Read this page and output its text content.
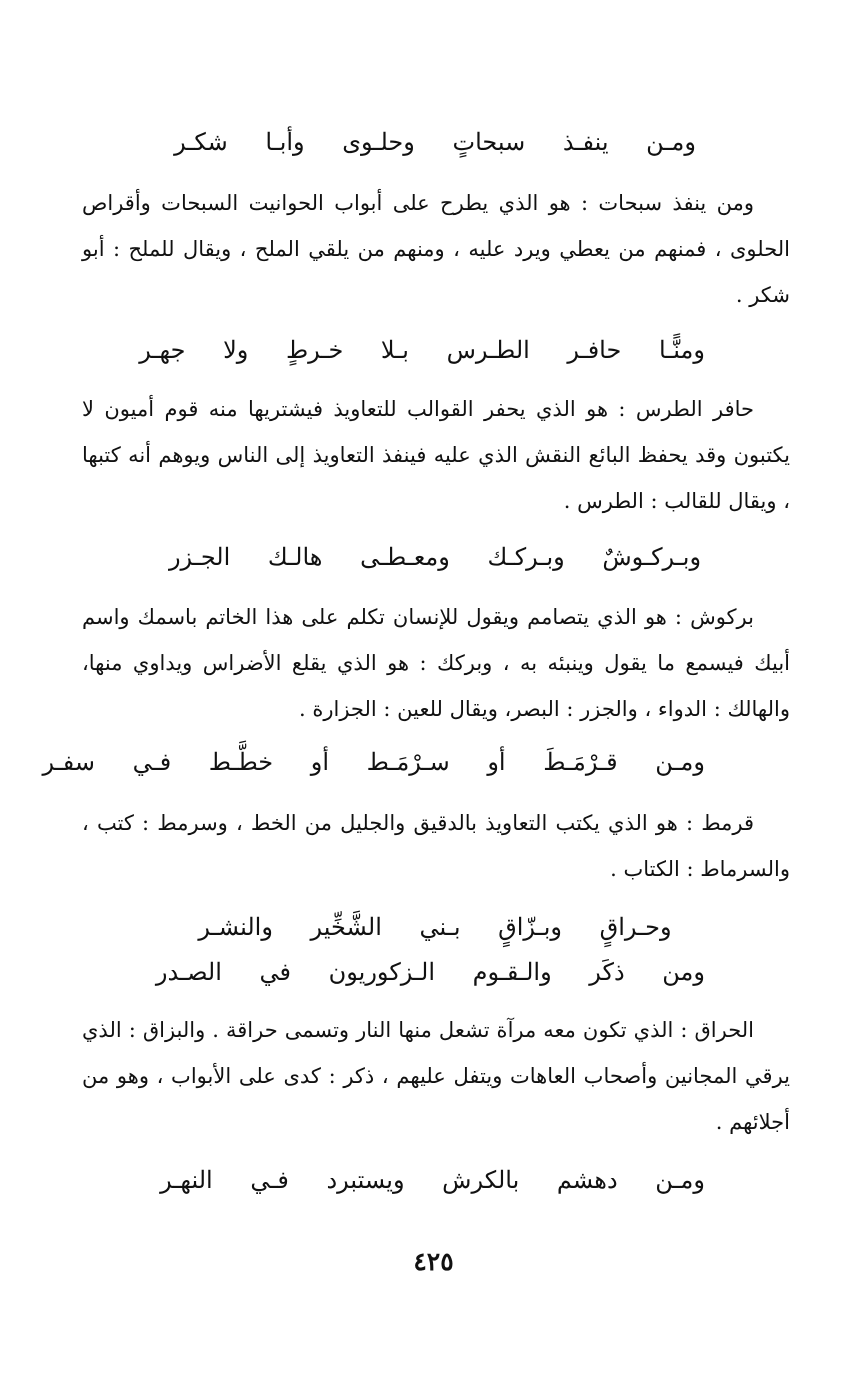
ومـن ينفـذ سبحاتٍ وحلـوى وأبـا شكـر

ومن ينفذ سبحات : هو الذي يطرح على أبواب الحوانيت السبحات وأقراص الحلوى ، فمنهم من يعطي ويرد عليه ، ومنهم من يلقي الملح ، ويقال للملح : أبو شكر .

ومنًّـا حافـر الطـرس بـلا خـرطٍ ولا جهـر

حافر الطرس : هو الذي يحفر القوالب للتعاويذ فيشتريها منه قوم أميون لا يكتبون وقد يحفظ البائع النقش الذي عليه فينفذ التعاويذ إلى الناس ويوهم أنه كتبها ، ويقال للقالب : الطرس .

وبـركـوشٌ وبـركـك ومعـطـى هالـك الجـزر

بركوش : هو الذي يتصامم ويقول للإنسان تكلم على هذا الخاتم باسمك واسم أبيك فيسمع ما يقول وينبئه به ، وبركك : هو الذي يقلع الأضراس ويداوي منها، والهالك : الدواء ، والجزر : البصر، ويقال للعين : الجزارة .

ومـن قـرْمَـطَ أو سـرْمَـط أو خطَّـط فـي سفـر

قرمط : هو الذي يكتب التعاويذ بالدقيق والجليل من الخط ، وسرمط : كتب ، والسرماط : الكتاب .

وحـراقٍ وبـزّاقٍ بـني الشَّخِّير والنشـر
ومن ذكَر والـقـوم الـزكوريون في الصـدر

الحراق : الذي تكون معه مرآة تشعل منها النار وتسمى حراقة . والبزاق : الذي يرقي المجانين وأصحاب العاهات ويتفل عليهم ، ذكر : كدى على الأبواب ، وهو من أجلائهم .

ومـن دهشم بالكرش ويستبرد فـي النهـر
٤٢٥
